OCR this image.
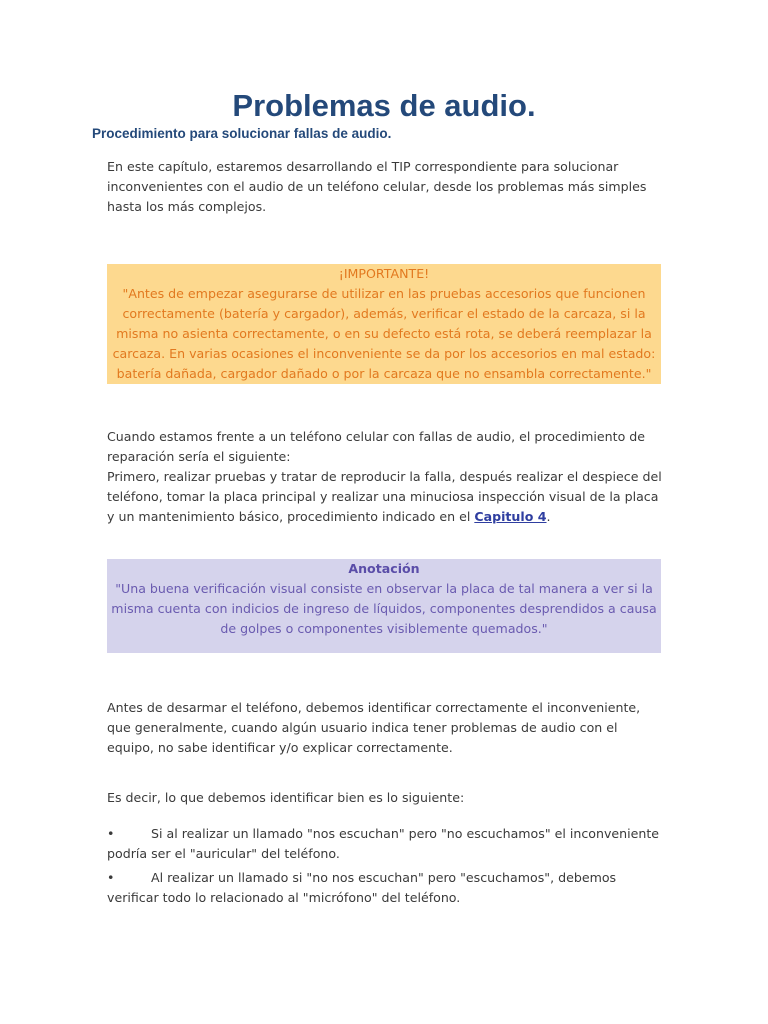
Problemas de audio.
Procedimiento para solucionar fallas de audio.

En este capítulo, estaremos desarrollando el TIP correspondiente para solucionar inconvenientes con el audio de un teléfono celular, desde los problemas más simples hasta los más complejos.

¡IMPORTANTE!
"Antes de empezar asegurarse de utilizar en las pruebas accesorios que funcionen correctamente (batería y cargador), además, verificar el estado de la carcaza, si la misma no asienta correctamente, o en su defecto está rota, se deberá reemplazar la carcaza. En varias ocasiones el inconveniente se da por los accesorios en mal estado: batería dañada, cargador dañado o por la carcaza que no ensambla correctamente."

Cuando estamos frente a un teléfono celular con fallas de audio, el procedimiento de reparación sería el siguiente:
Primero, realizar pruebas y tratar de reproducir la falla, después realizar el despiece del teléfono, tomar la placa principal y realizar una minuciosa inspección visual de la placa y un mantenimiento básico, procedimiento indicado en el Capitulo 4.

Anotación
"Una buena verificación visual consiste en observar la placa de tal manera a ver si la misma cuenta con indicios de ingreso de líquidos, componentes desprendidos a causa de golpes o componentes visiblemente quemados."

Antes de desarmar el teléfono, debemos identificar correctamente el inconveniente, que generalmente, cuando algún usuario indica tener problemas de audio con el equipo, no sabe identificar y/o explicar correctamente.

Es decir, lo que debemos identificar bien es lo siguiente:

•	Si al realizar un llamado "nos escuchan" pero "no escuchamos" el inconveniente podría ser el "auricular" del teléfono.

•	Al realizar un llamado si "no nos escuchan" pero "escuchamos", debemos verificar todo lo relacionado al "micrófono" del teléfono.
